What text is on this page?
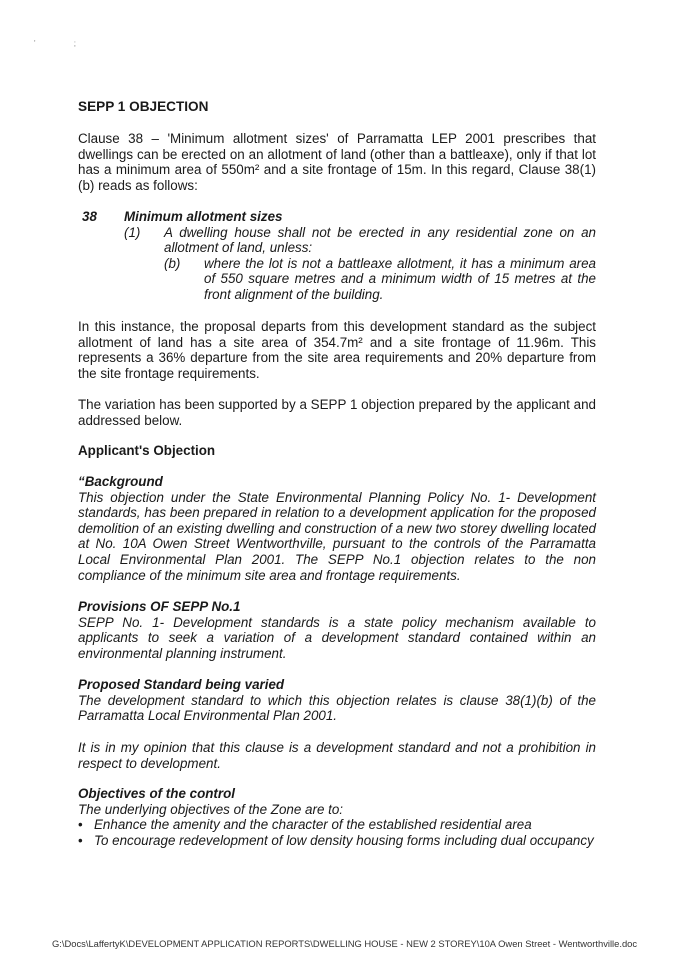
' ;
SEPP 1 OBJECTION
Clause 38 – 'Minimum allotment sizes' of Parramatta LEP 2001 prescribes that dwellings can be erected on an allotment of land (other than a battleaxe), only if that lot has a minimum area of 550m² and a site frontage of 15m. In this regard, Clause 38(1)(b) reads as follows:
38 Minimum allotment sizes
(1) A dwelling house shall not be erected in any residential zone on an allotment of land, unless:
(b) where the lot is not a battleaxe allotment, it has a minimum area of 550 square metres and a minimum width of 15 metres at the front alignment of the building.
In this instance, the proposal departs from this development standard as the subject allotment of land has a site area of 354.7m² and a site frontage of 11.96m. This represents a 36% departure from the site area requirements and 20% departure from the site frontage requirements.
The variation has been supported by a SEPP 1 objection prepared by the applicant and addressed below.
Applicant's Objection
“Background
This objection under the State Environmental Planning Policy No. 1- Development standards, has been prepared in relation to a development application for the proposed demolition of an existing dwelling and construction of a new two storey dwelling located at No. 10A Owen Street Wentworthville, pursuant to the controls of the Parramatta Local Environmental Plan 2001. The SEPP No.1 objection relates to the non compliance of the minimum site area and frontage requirements.
Provisions OF SEPP No.1
SEPP No. 1- Development standards is a state policy mechanism available to applicants to seek a variation of a development standard contained within an environmental planning instrument.
Proposed Standard being varied
The development standard to which this objection relates is clause 38(1)(b) of the Parramatta Local Environmental Plan 2001.
It is in my opinion that this clause is a development standard and not a prohibition in respect to development.
Objectives of the control
The underlying objectives of the Zone are to:
• Enhance the amenity and the character of the established residential area
• To encourage redevelopment of low density housing forms including dual occupancy
G:\Docs\LaffertyK\DEVELOPMENT APPLICATION REPORTS\DWELLING HOUSE - NEW 2 STOREY\10A Owen Street - Wentworthville.doc
